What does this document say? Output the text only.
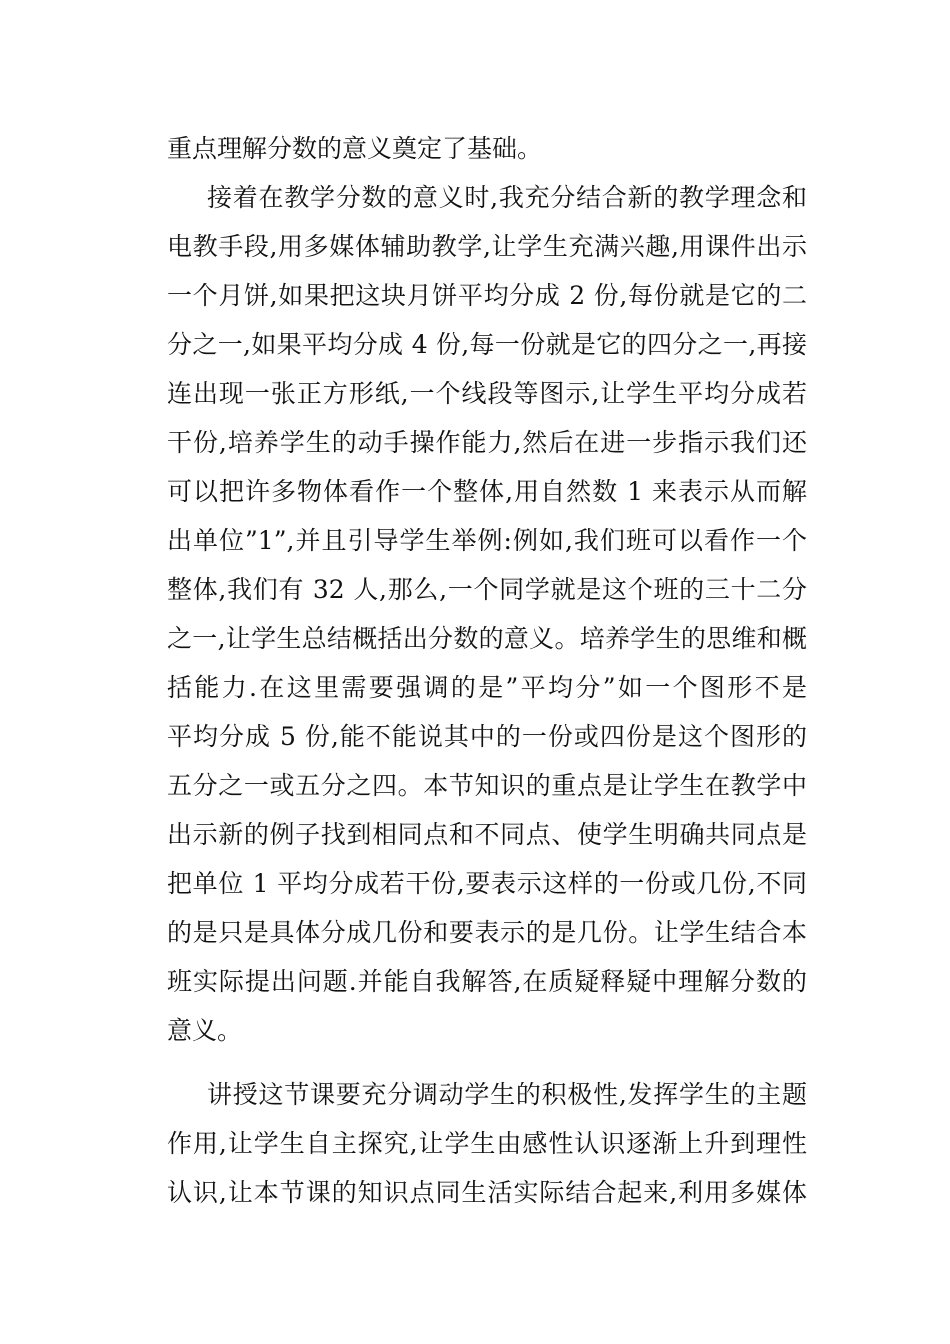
重点理解分数的意义奠定了基础。
接着在教学分数的意义时,我充分结合新的教学理念和
电教手段,用多媒体辅助教学,让学生充满兴趣,用课件出示
一个月饼,如果把这块月饼平均分成 2 份,每份就是它的二
分之一,如果平均分成 4 份,每一份就是它的四分之一,再接
连出现一张正方形纸,一个线段等图示,让学生平均分成若
干份,培养学生的动手操作能力,然后在进一步指示我们还
可以把许多物体看作一个整体,用自然数 1 来表示从而解
出单位”1”,并且引导学生举例:例如,我们班可以看作一个
整体,我们有 32 人,那么,一个同学就是这个班的三十二分
之一,让学生总结概括出分数的意义。培养学生的思维和概
括能力.在这里需要强调的是”平均分”如一个图形不是
平均分成 5 份,能不能说其中的一份或四份是这个图形的
五分之一或五分之四。本节知识的重点是让学生在教学中
出示新的例子找到相同点和不同点、使学生明确共同点是
把单位 1 平均分成若干份,要表示这样的一份或几份,不同
的是只是具体分成几份和要表示的是几份。让学生结合本
班实际提出问题.并能自我解答,在质疑释疑中理解分数的
意义。
讲授这节课要充分调动学生的积极性,发挥学生的主题
作用,让学生自主探究,让学生由感性认识逐渐上升到理性
认识,让本节课的知识点同生活实际结合起来,利用多媒体
